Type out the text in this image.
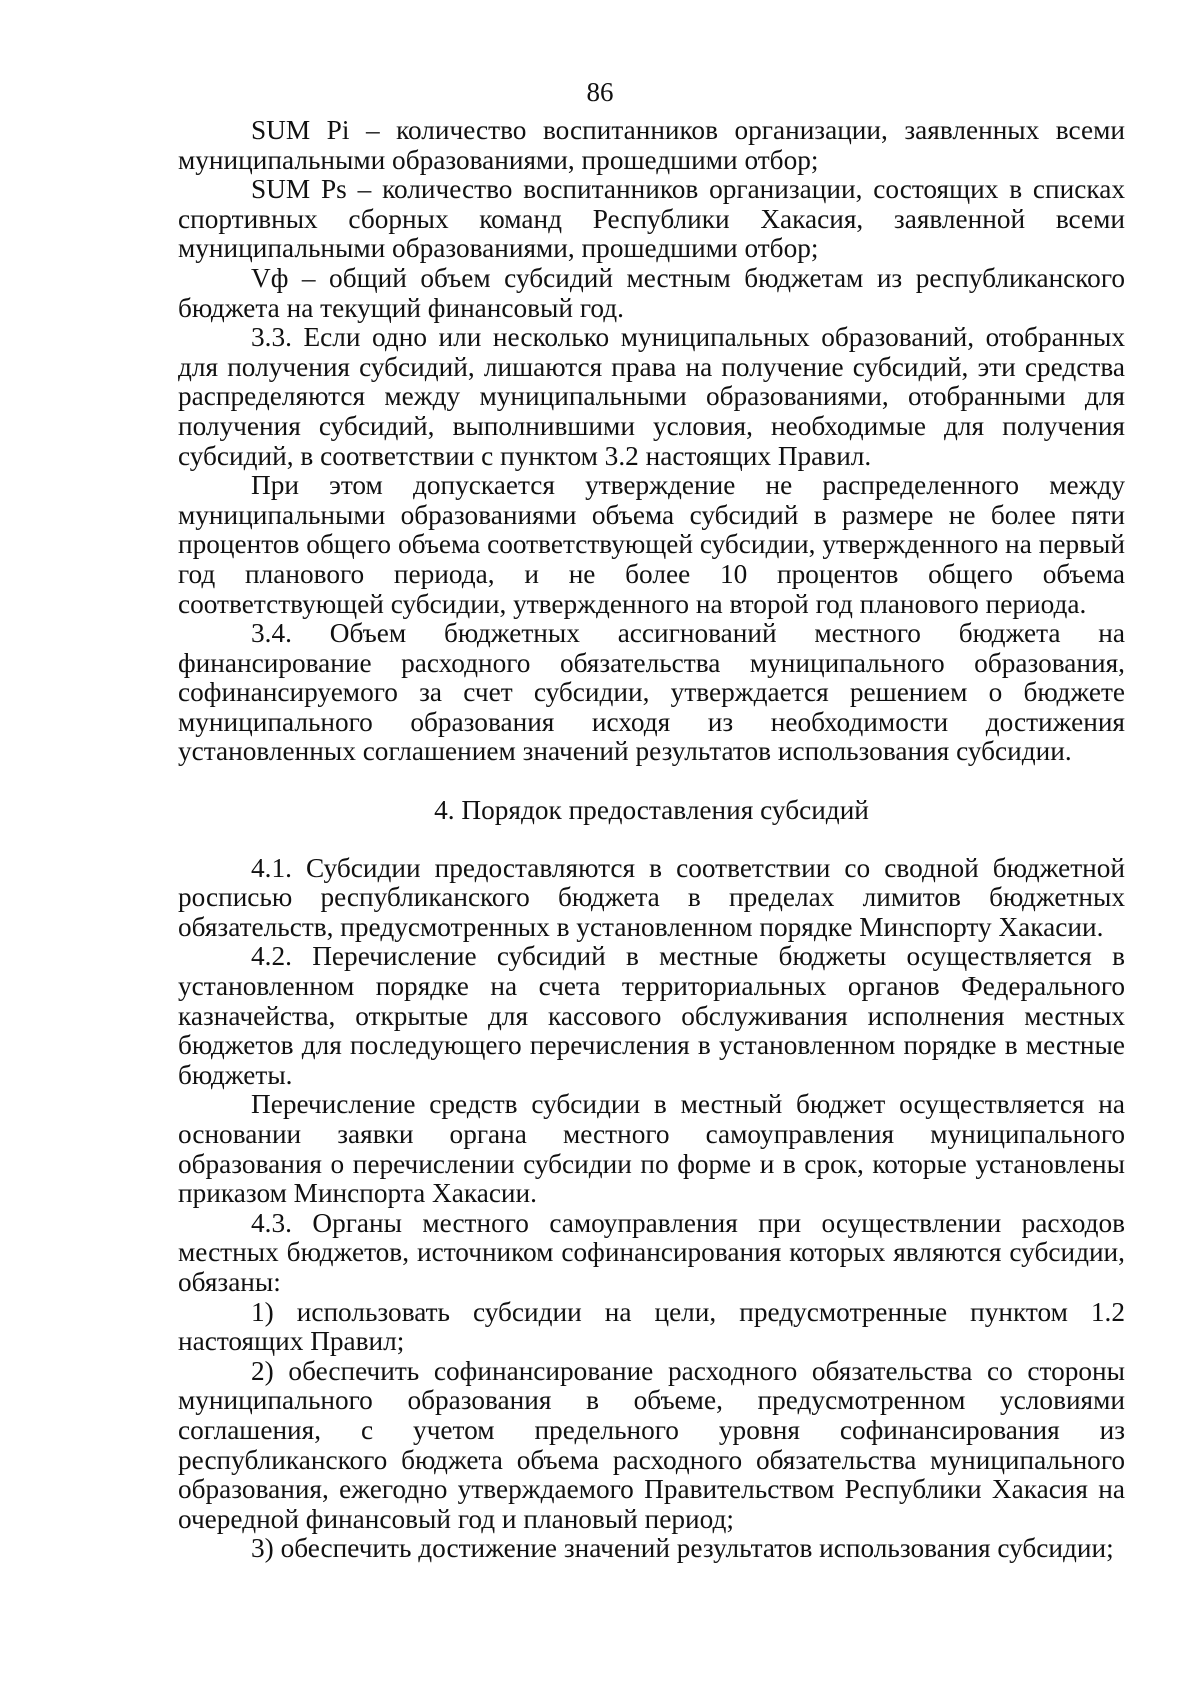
86

SUM Pi – количество воспитанников организации, заявленных всеми муниципальными образованиями, прошедшими отбор;

SUM Ps – количество воспитанников организации, состоящих в списках спортивных сборных команд Республики Хакасия, заявленной всеми муниципальными образованиями, прошедшими отбор;

Vф – общий объем субсидий местным бюджетам из республиканского бюджета на текущий финансовый год.

3.3. Если одно или несколько муниципальных образований, отобранных для получения субсидий, лишаются права на получение субсидий, эти средства распределяются между муниципальными образованиями, отобранными для получения субсидий, выполнившими условия, необходимые для получения субсидий, в соответствии с пунктом 3.2 настоящих Правил.

При этом допускается утверждение не распределенного между муниципальными образованиями объема субсидий в размере не более пяти процентов общего объема соответствующей субсидии, утвержденного на первый год планового периода, и не более 10 процентов общего объема соответствующей субсидии, утвержденного на второй год планового периода.

3.4. Объем бюджетных ассигнований местного бюджета на финансирование расходного обязательства муниципального образования, софинансируемого за счет субсидии, утверждается решением о бюджете муниципального образования исходя из необходимости достижения установленных соглашением значений результатов использования субсидии.

4. Порядок предоставления субсидий

4.1. Субсидии предоставляются в соответствии со сводной бюджетной росписью республиканского бюджета в пределах лимитов бюджетных обязательств, предусмотренных в установленном порядке Минспорту Хакасии.

4.2. Перечисление субсидий в местные бюджеты осуществляется в установленном порядке на счета территориальных органов Федерального казначейства, открытые для кассового обслуживания исполнения местных бюджетов для последующего перечисления в установленном порядке в местные бюджеты.

Перечисление средств субсидии в местный бюджет осуществляется на основании заявки органа местного самоуправления муниципального образования о перечислении субсидии по форме и в срок, которые установлены приказом Минспорта Хакасии.

4.3. Органы местного самоуправления при осуществлении расходов местных бюджетов, источником софинансирования которых являются субсидии, обязаны:

1) использовать субсидии на цели, предусмотренные пунктом 1.2 настоящих Правил;

2) обеспечить софинансирование расходного обязательства со стороны муниципального образования в объеме, предусмотренном условиями соглашения, с учетом предельного уровня софинансирования из республиканского бюджета объема расходного обязательства муниципального образования, ежегодно утверждаемого Правительством Республики Хакасия на очередной финансовый год и плановый период;

3) обеспечить достижение значений результатов использования субсидии;
